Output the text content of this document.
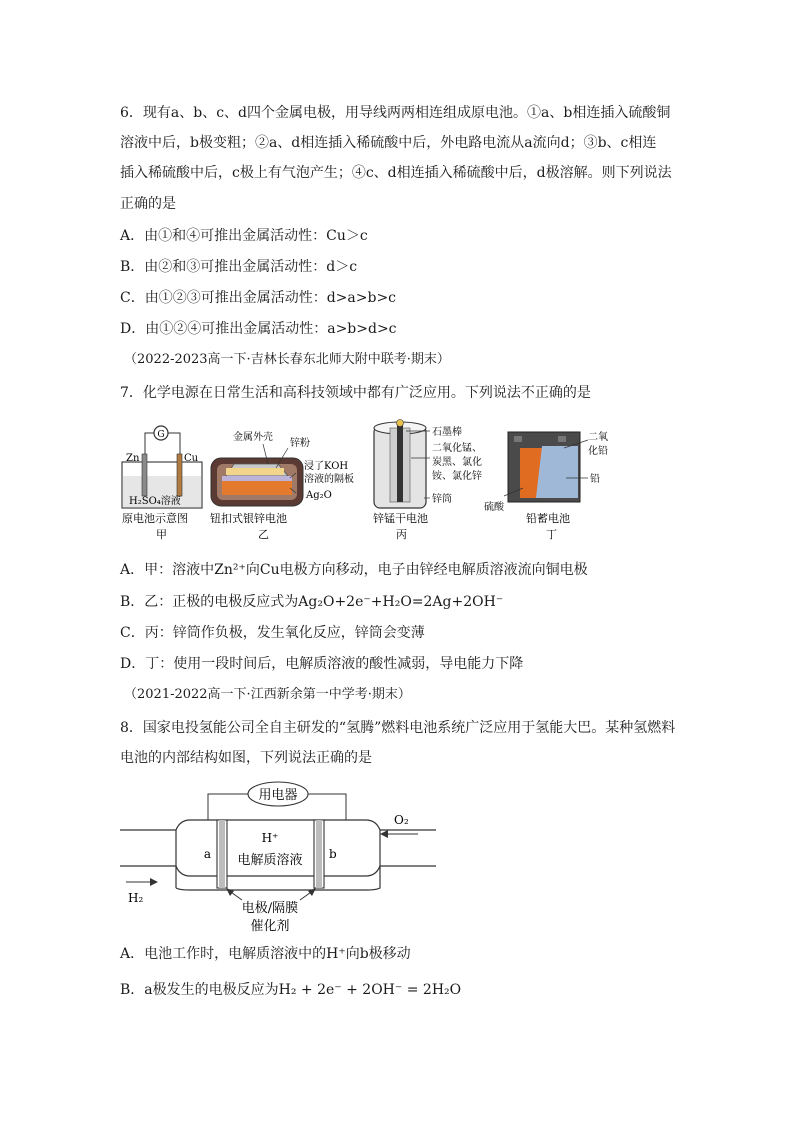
6．现有a、b、c、d四个金属电极，用导线两两相连组成原电池。①a、b相连插入硫酸铜
溶液中后，b极变粗；②a、d相连插入稀硫酸中后，外电路电流从a流向d；③b、c相连
插入稀硫酸中后，c极上有气泡产生；④c、d相连插入稀硫酸中后，d极溶解。则下列说法
正确的是
A．由①和④可推出金属活动性：Cu＞c
B．由②和③可推出金属活动性：d＞c
C．由①②③可推出金属活动性：d>a>b>c
D．由①②④可推出金属活动性：a>b>d>c
（2022-2023高一下·吉林长春东北师大附中联考·期末）
7．化学电源在日常生活和高科技领域中都有广泛应用。下列说法不正确的是
G
Zn	Cu
H₂SO₄溶液
原电池示意图
甲
金属外壳
锌粉
浸了KOH
溶液的隔板
Ag₂O
钮扣式银锌电池
乙
石墨棒
二氧化锰、
炭黑、氯化
铵、氯化锌
锌筒
锌锰干电池
丙
二氧
化铅
铅
硫酸
铅蓄电池
丁
A．甲：溶液中Zn²⁺向Cu电极方向移动，电子由锌经电解质溶液流向铜电极
B．乙：正极的电极反应式为Ag₂O+2e⁻+H₂O=2Ag+2OH⁻
C．丙：锌筒作负极，发生氧化反应，锌筒会变薄
D．丁：使用一段时间后，电解质溶液的酸性减弱，导电能力下降
（2021-2022高一下·江西新余第一中学考·期末）
8．国家电投氢能公司全自主研发的“氢腾”燃料电池系统广泛应用于氢能大巴。某种氢燃料
电池的内部结构如图，下列说法正确的是
用电器
H⁺
电解质溶液
a	b
O₂
H₂
电极/隔膜
催化剂
A．电池工作时，电解质溶液中的H⁺向b极移动
B．a极发生的电极反应为H₂ + 2e⁻ + 2OH⁻ = 2H₂O
